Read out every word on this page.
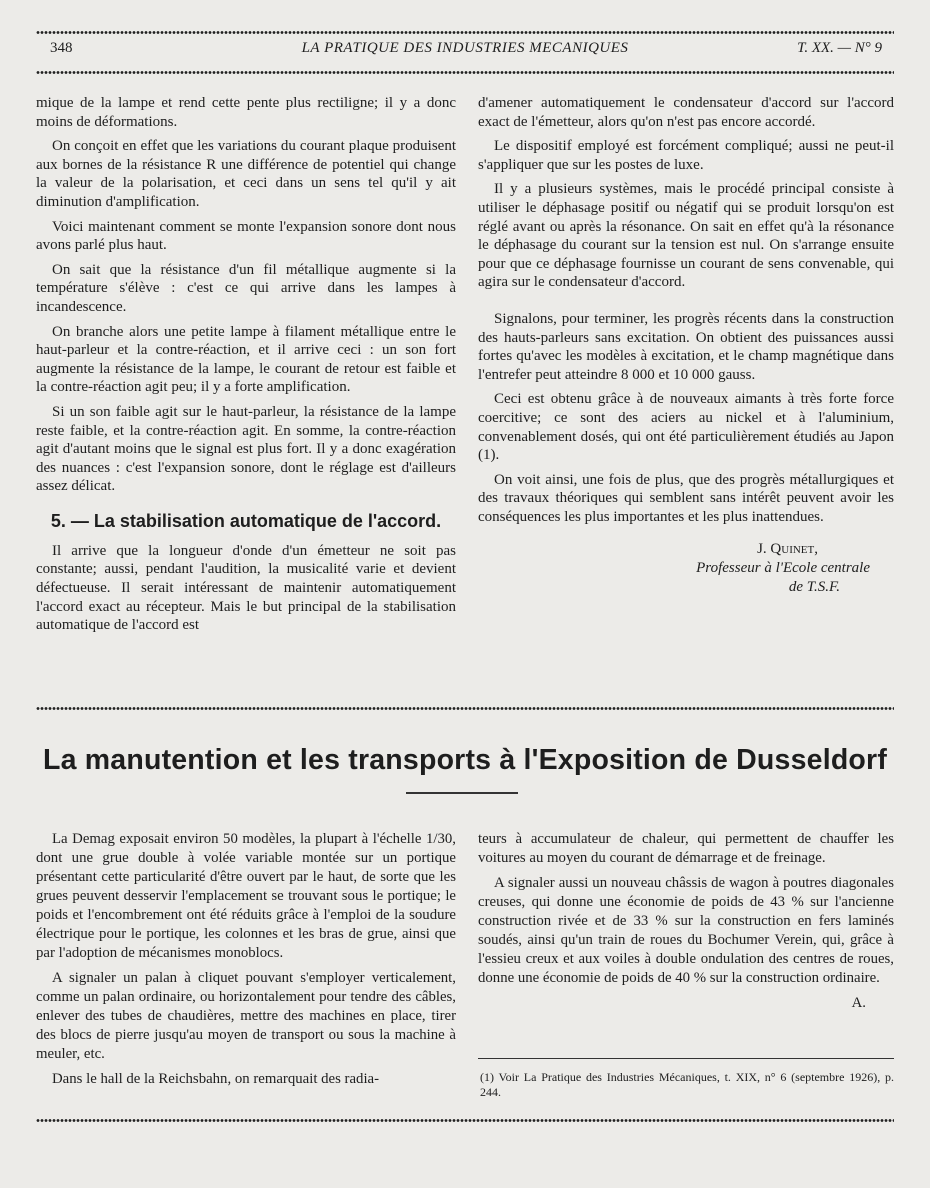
348	LA PRATIQUE DES INDUSTRIES MECANIQUES	T. XX. — N° 9

mique de la lampe et rend cette pente plus rectiligne; il y a donc moins de déformations.

On conçoit en effet que les variations du courant plaque produisent aux bornes de la résistance R une différence de potentiel qui change la valeur de la polarisation, et ceci dans un sens tel qu'il y ait diminution d'amplification.

Voici maintenant comment se monte l'expansion sonore dont nous avons parlé plus haut.

On sait que la résistance d'un fil métallique augmente si la température s'élève : c'est ce qui arrive dans les lampes à incandescence.

On branche alors une petite lampe à filament métallique entre le haut-parleur et la contre-réaction, et il arrive ceci : un son fort augmente la résistance de la lampe, le courant de retour est faible et la contre-réaction agit peu; il y a forte amplification.

Si un son faible agit sur le haut-parleur, la résistance de la lampe reste faible, et la contre-réaction agit. En somme, la contre-réaction agit d'autant moins que le signal est plus fort. Il y a donc exagération des nuances : c'est l'expansion sonore, dont le réglage est d'ailleurs assez délicat.

5. — La stabilisation automatique de l'accord.

Il arrive que la longueur d'onde d'un émetteur ne soit pas constante; aussi, pendant l'audition, la musicalité varie et devient défectueuse. Il serait intéressant de maintenir automatiquement l'accord exact au récepteur. Mais le but principal de la stabilisation automatique de l'accord est

d'amener automatiquement le condensateur d'accord sur l'accord exact de l'émetteur, alors qu'on n'est pas encore accordé.

Le dispositif employé est forcément compliqué; aussi ne peut-il s'appliquer que sur les postes de luxe.

Il y a plusieurs systèmes, mais le procédé principal consiste à utiliser le déphasage positif ou négatif qui se produit lorsqu'on est réglé avant ou après la résonance. On sait en effet qu'à la résonance le déphasage du courant sur la tension est nul. On s'arrange ensuite pour que ce déphasage fournisse un courant de sens convenable, qui agira sur le condensateur d'accord.

Signalons, pour terminer, les progrès récents dans la construction des hauts-parleurs sans excitation. On obtient des puissances aussi fortes qu'avec les modèles à excitation, et le champ magnétique dans l'entrefer peut atteindre 8 000 et 10 000 gauss.

Ceci est obtenu grâce à de nouveaux aimants à très forte force coercitive; ce sont des aciers au nickel et à l'aluminium, convenablement dosés, qui ont été particulièrement étudiés au Japon (1).

On voit ainsi, une fois de plus, que des progrès métallurgiques et des travaux théoriques qui semblent sans intérêt peuvent avoir les conséquences les plus importantes et les plus inattendues.

J. Quinet,
Professeur à l'Ecole centrale
de T.S.F.
La manutention et les transports à l'Exposition de Dusseldorf

La Demag exposait environ 50 modèles, la plupart à l'échelle 1/30, dont une grue double à volée variable montée sur un portique présentant cette particularité d'être ouvert par le haut, de sorte que les grues peuvent desservir l'emplacement se trouvant sous le portique; le poids et l'encombrement ont été réduits grâce à l'emploi de la soudure électrique pour le portique, les colonnes et les bras de grue, ainsi que par l'adoption de mécanismes monoblocs.

A signaler un palan à cliquet pouvant s'employer verticalement, comme un palan ordinaire, ou horizontalement pour tendre des câbles, enlever des tubes de chaudières, mettre des machines en place, tirer des blocs de pierre jusqu'au moyen de transport ou sous la machine à meuler, etc.

Dans le hall de la Reichsbahn, on remarquait des radia-

teurs à accumulateur de chaleur, qui permettent de chauffer les voitures au moyen du courant de démarrage et de freinage.

A signaler aussi un nouveau châssis de wagon à poutres diagonales creuses, qui donne une économie de poids de 43 % sur l'ancienne construction rivée et de 33 % sur la construction en fers laminés soudés, ainsi qu'un train de roues du Bochumer Verein, qui, grâce à l'essieu creux et aux voiles à double ondulation des centres de roues, donne une économie de poids de 40 % sur la construction ordinaire.

A.
(1) Voir La Pratique des Industries Mécaniques, t. XIX, n° 6 (septembre 1926), p. 244.
